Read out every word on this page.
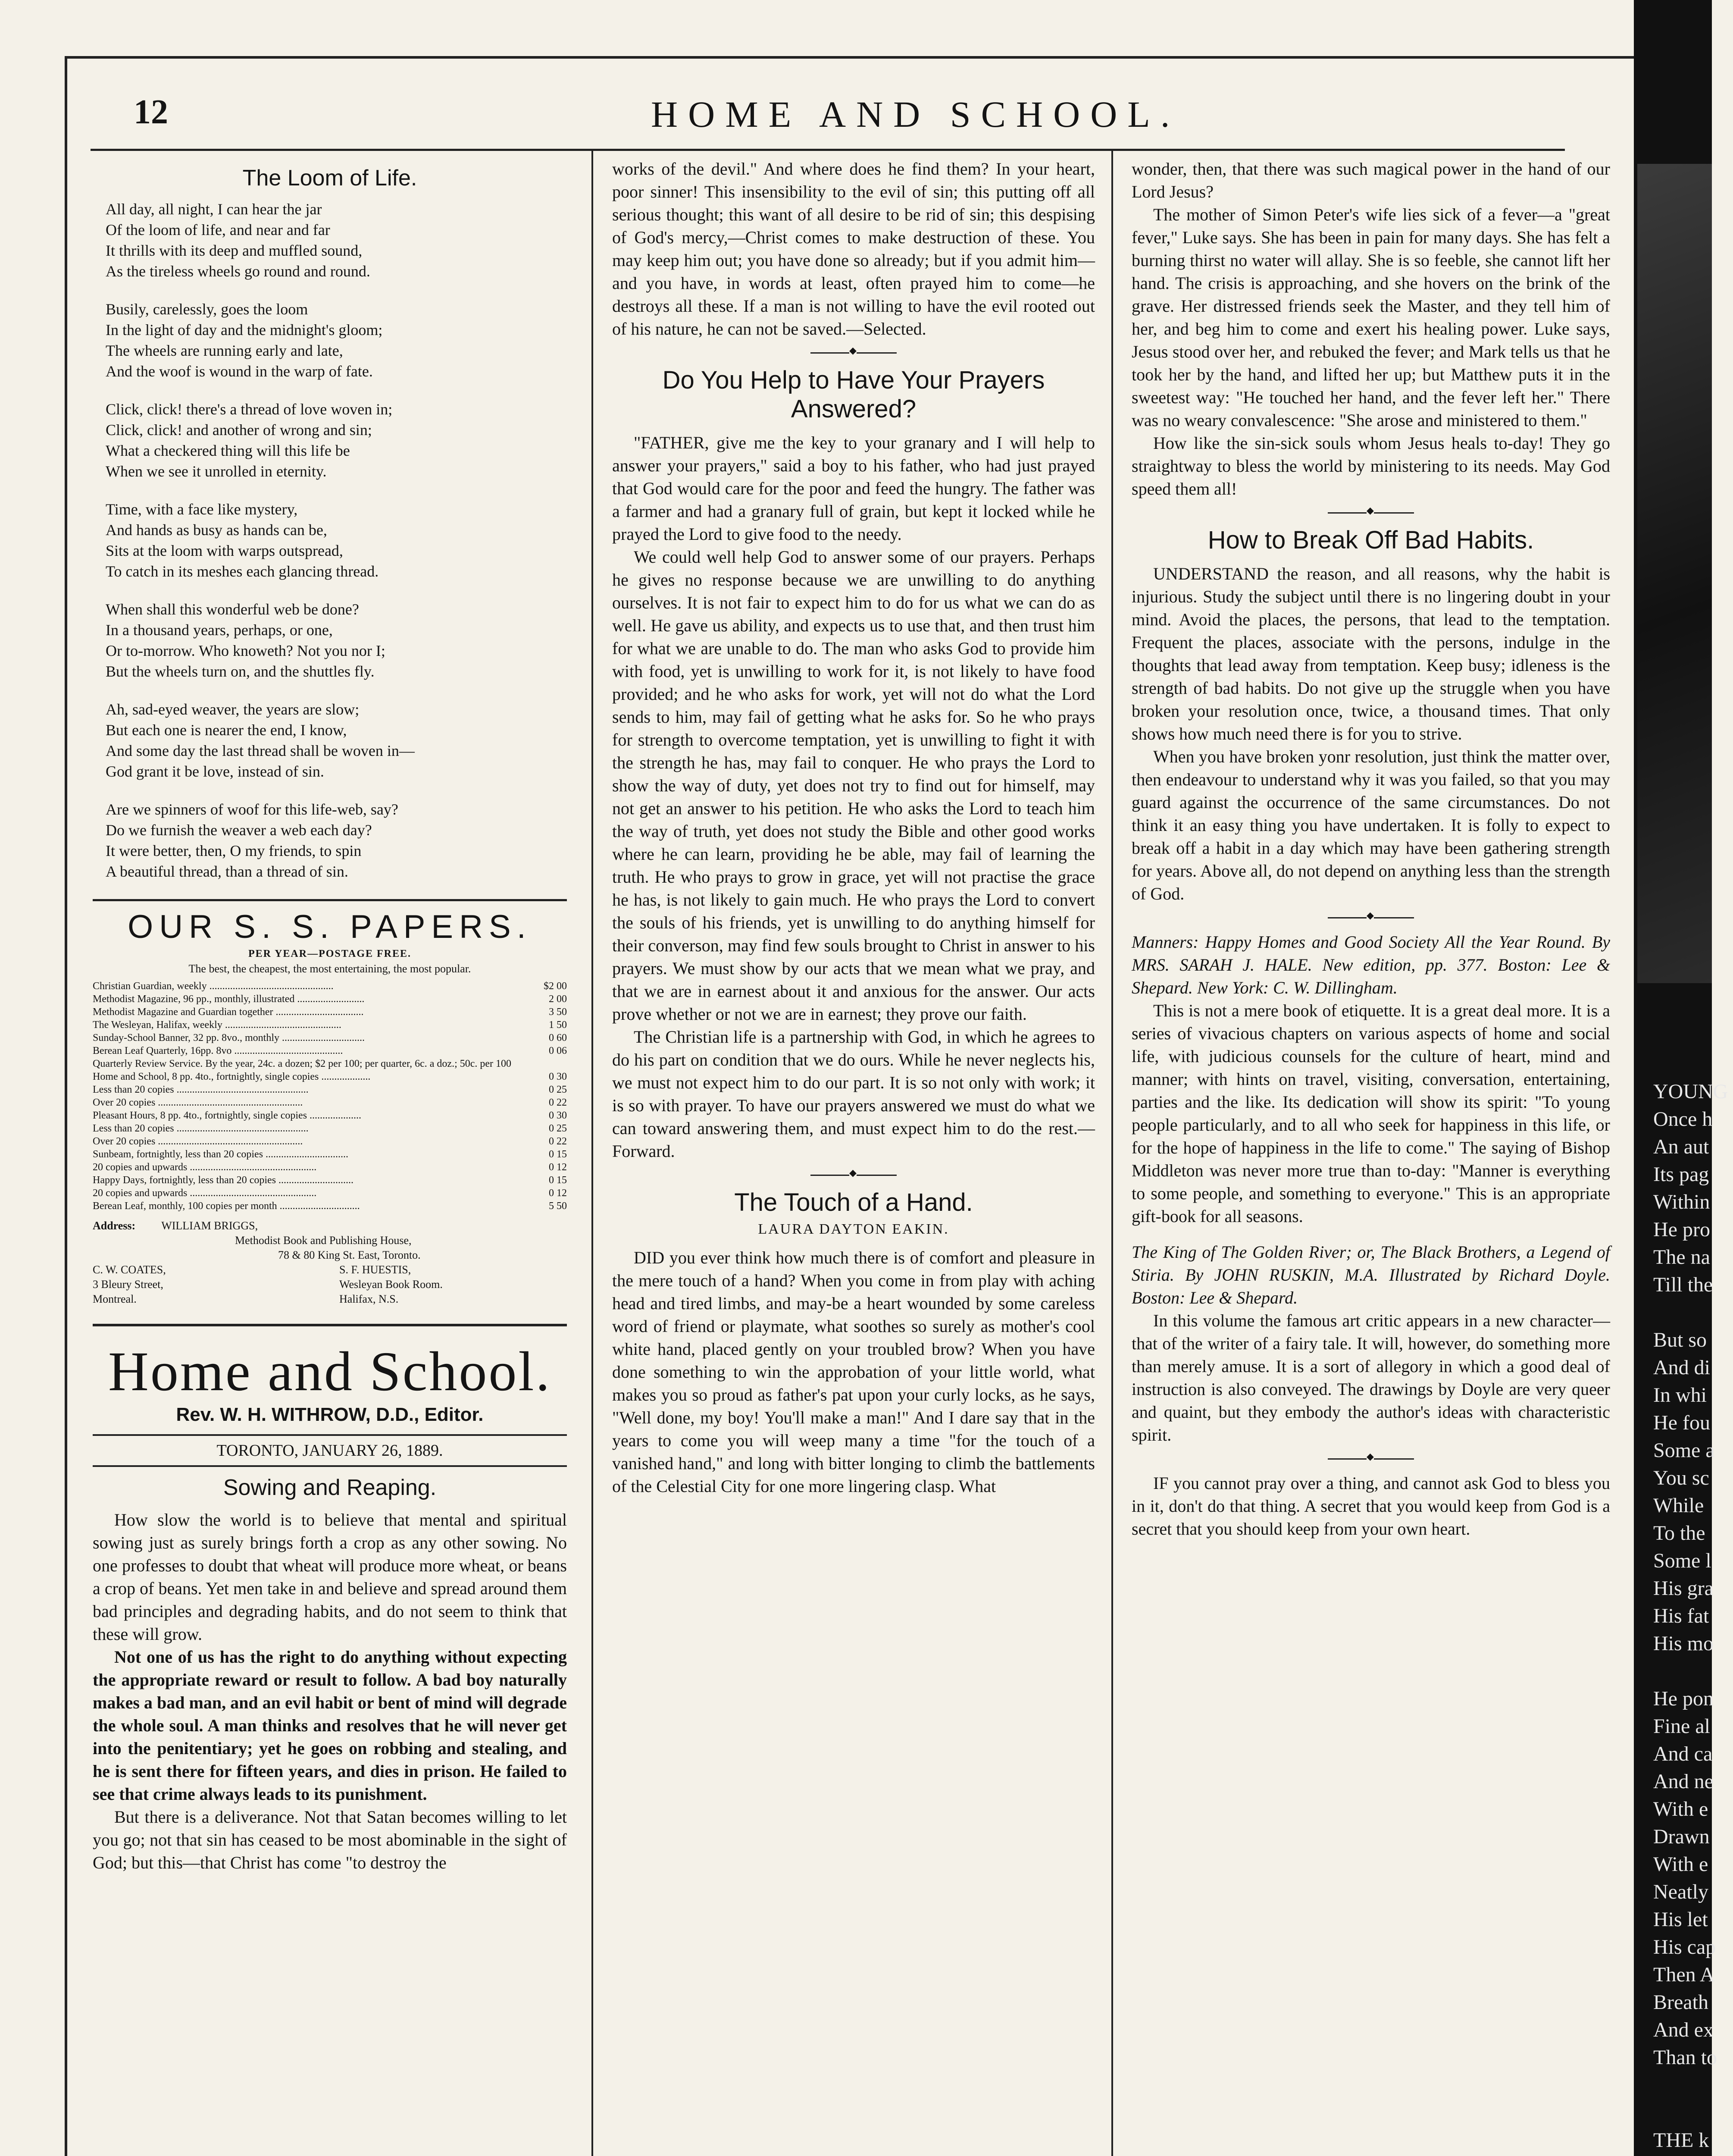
12	HOME AND SCHOOL.
The Loom of Life.

All day, all night, I can hear the jar
Of the loom of life, and near and far
It thrills with its deep and muffled sound,
As the tireless wheels go round and round.

Busily, carelessly, goes the loom
In the light of day and the midnight's gloom;
The wheels are running early and late,
And the woof is wound in the warp of fate.

Click, click! there's a thread of love woven in;
Click, click! and another of wrong and sin;
What a checkered thing will this life be
When we see it unrolled in eternity.

Time, with a face like mystery,
And hands as busy as hands can be,
Sits at the loom with warps outspread,
To catch in its meshes each glancing thread.

When shall this wonderful web be done?
In a thousand years, perhaps, or one,
Or to-morrow. Who knoweth? Not you nor I;
But the wheels turn on, and the shuttles fly.

Ah, sad-eyed weaver, the years are slow;
But each one is nearer the end, I know,
And some day the last thread shall be woven in—
God grant it be love, instead of sin.

Are we spinners of woof for this life-web, say?
Do we furnish the weaver a web each day?
It were better, then, O my friends, to spin
A beautiful thread, than a thread of sin.

OUR S. S. PAPERS.
PER YEAR—POSTAGE FREE.
The best, the cheapest, the most entertaining, the most popular.
Christian Guardian, weekly ................................................	$2 00
Methodist Magazine, 96 pp., monthly, illustrated ..........................	2 00
Methodist Magazine and Guardian together ..................................	3 50
The Wesleyan, Halifax, weekly .............................................	1 50
Sunday-School Banner, 32 pp. 8vo., monthly ................................	0 60
Berean Leaf Quarterly, 16pp. 8vo ..........................................	0 06
Quarterly Review Service. By the year, 24c. a dozen; $2 per 100; per quarter, 6c. a doz.; 50c. per 100
Home and School, 8 pp. 4to., fortnightly, single copies ...................	0 30
Less than 20 copies ...................................................	0 25
Over 20 copies ........................................................	0 22
Pleasant Hours, 8 pp. 4to., fortnightly, single copies ....................	0 30
Less than 20 copies ...................................................	0 25
Over 20 copies ........................................................	0 22
Sunbeam, fortnightly, less than 20 copies ................................	0 15
20 copies and upwards .................................................	0 12
Happy Days, fortnightly, less than 20 copies .............................	0 15
20 copies and upwards .................................................	0 12
Berean Leaf, monthly, 100 copies per month ...............................	5 50
Address: WILLIAM BRIGGS,
Methodist Book and Publishing House,
78 & 80 King St. East, Toronto.
C. W. COATES,
3 Bleury Street,
Montreal.
S. F. HUESTIS,
Wesleyan Book Room.
Halifax, N.S.
Home and School.
Rev. W. H. WITHROW, D.D., Editor.
TORONTO, JANUARY 26, 1889.
Sowing and Reaping.

How slow the world is to believe that mental and spiritual sowing just as surely brings forth a crop as any other sowing. No one professes to doubt that wheat will produce more wheat, or beans a crop of beans. Yet men take in and believe and spread around them bad principles and degrading habits, and do not seem to think that these will grow.

Not one of us has the right to do anything without expecting the appropriate reward or result to follow. A bad boy naturally makes a bad man, and an evil habit or bent of mind will degrade the whole soul. A man thinks and resolves that he will never get into the penitentiary; yet he goes on robbing and stealing, and he is sent there for fifteen years, and dies in prison. He failed to see that crime always leads to its punishment.

But there is a deliverance. Not that Satan becomes willing to let you go; not that sin has ceased to be most abominable in the sight of God; but this—that Christ has come "to destroy the

works of the devil." And where does he find them? In your heart, poor sinner! This insensibility to the evil of sin; this putting off all serious thought; this want of all desire to be rid of sin; this despising of God's mercy,—Christ comes to make destruction of these. You may keep him out; you have done so already; but if you admit him—and you have, in words at least, often prayed him to come—he destroys all these. If a man is not willing to have the evil rooted out of his nature, he can not be saved.—Selected.

◆
Do You Help to Have Your Prayers Answered?

"FATHER, give me the key to your granary and I will help to answer your prayers," said a boy to his father, who had just prayed that God would care for the poor and feed the hungry. The father was a farmer and had a granary full of grain, but kept it locked while he prayed the Lord to give food to the needy.

We could well help God to answer some of our prayers. Perhaps he gives no response because we are unwilling to do anything ourselves. It is not fair to expect him to do for us what we can do as well. He gave us ability, and expects us to use that, and then trust him for what we are unable to do. The man who asks God to provide him with food, yet is unwilling to work for it, is not likely to have food provided; and he who asks for work, yet will not do what the Lord sends to him, may fail of getting what he asks for. So he who prays for strength to overcome temptation, yet is unwilling to fight it with the strength he has, may fail to conquer. He who prays the Lord to show the way of duty, yet does not try to find out for himself, may not get an answer to his petition. He who asks the Lord to teach him the way of truth, yet does not study the Bible and other good works where he can learn, providing he be able, may fail of learning the truth. He who prays to grow in grace, yet will not practise the grace he has, is not likely to gain much. He who prays the Lord to convert the souls of his friends, yet is unwilling to do anything himself for their converson, may find few souls brought to Christ in answer to his prayers. We must show by our acts that we mean what we pray, and that we are in earnest about it and anxious for the answer. Our acts prove whether or not we are in earnest; they prove our faith.

The Christian life is a partnership with God, in which he agrees to do his part on condition that we do ours. While he never neglects his, we must not expect him to do our part. It is so not only with work; it is so with prayer. To have our prayers answered we must do what we can toward answering them, and must expect him to do the rest.—Forward.

◆
The Touch of a Hand.
LAURA DAYTON EAKIN.

DID you ever think how much there is of comfort and pleasure in the mere touch of a hand? When you come in from play with aching head and tired limbs, and may-be a heart wounded by some careless word of friend or playmate, what soothes so surely as mother's cool white hand, placed gently on your troubled brow? When you have done something to win the approbation of your little world, what makes you so proud as father's pat upon your curly locks, as he says, "Well done, my boy! You'll make a man!" And I dare say that in the years to come you will weep many a time "for the touch of a vanished hand," and long with bitter longing to climb the battlements of the Celestial City for one more lingering clasp. What

wonder, then, that there was such magical power in the hand of our Lord Jesus?

The mother of Simon Peter's wife lies sick of a fever—a "great fever," Luke says. She has been in pain for many days. She has felt a burning thirst no water will allay. She is so feeble, she cannot lift her hand. The crisis is approaching, and she hovers on the brink of the grave. Her distressed friends seek the Master, and they tell him of her, and beg him to come and exert his healing power. Luke says, Jesus stood over her, and rebuked the fever; and Mark tells us that he took her by the hand, and lifted her up; but Matthew puts it in the sweetest way: "He touched her hand, and the fever left her." There was no weary convalescence: "She arose and ministered to them."

How like the sin-sick souls whom Jesus heals to-day! They go straightway to bless the world by ministering to its needs. May God speed them all!

◆
How to Break Off Bad Habits.

UNDERSTAND the reason, and all reasons, why the habit is injurious. Study the subject until there is no lingering doubt in your mind. Avoid the places, the persons, that lead to the temptation. Frequent the places, associate with the persons, indulge in the thoughts that lead away from temptation. Keep busy; idleness is the strength of bad habits. Do not give up the struggle when you have broken your resolution once, twice, a thousand times. That only shows how much need there is for you to strive.

When you have broken yonr resolution, just think the matter over, then endeavour to understand why it was you failed, so that you may guard against the occurrence of the same circumstances. Do not think it an easy thing you have undertaken. It is folly to expect to break off a habit in a day which may have been gathering strength for years. Above all, do not depend on anything less than the strength of God.

◆

Manners: Happy Homes and Good Society All the Year Round. By MRS. SARAH J. HALE. New edition, pp. 377. Boston: Lee & Shepard. New York: C. W. Dillingham.

This is not a mere book of etiquette. It is a great deal more. It is a series of vivacious chapters on various aspects of home and social life, with judicious counsels for the culture of heart, mind and manner; with hints on travel, visiting, conversation, entertaining, parties and the like. Its dedication will show its spirit: "To young people particularly, and to all who seek for happiness in this life, or for the hope of happiness in the life to come." The saying of Bishop Middleton was never more true than to-day: "Manner is everything to some people, and something to everyone." This is an appropriate gift-book for all seasons.

The King of The Golden River; or, The Black Brothers, a Legend of Stiria. By JOHN RUSKIN, M.A. Illustrated by Richard Doyle. Boston: Lee & Shepard.

In this volume the famous art critic appears in a new character—that of the writer of a fairy tale. It will, however, do something more than merely amuse. It is a sort of allegory in which a good deal of instruction is also conveyed. The drawings by Doyle are very queer and quaint, but they embody the author's ideas with characteristic spirit.

◆

IF you cannot pray over a thing, and cannot ask God to bless you in it, don't do that thing. A secret that you would keep from God is a secret that you should keep from your own heart.

YOUNG
Once h
An aut
Its pag
Within
He pro
The na
Till the

But so
And di
In whi
He fou
Some a
You sc
While
To the
Some l
His gra
His fat
His mo

He pon
Fine al
And ca
And ne
With e
Drawn
With e
Neatly
His let
His cap
Then A
Breath
And ex
Than to

THE k
